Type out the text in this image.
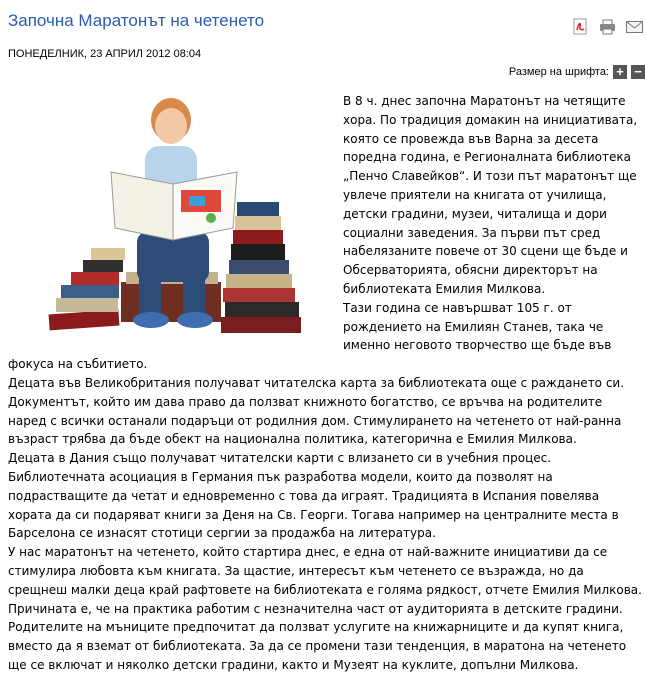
Започна Маратонът на четенето
ПОНЕДЕЛНИК, 23 АПРИЛ 2012 08:04
Размер на шрифта: + −

В 8 ч. днес започна Маратонът на четящите хора. По традиция домакин на инициативата, която се провежда във Варна за десета поредна година, е Регионалната библиотека „Пенчо Славейков“. И този път маратонът ще увлече приятели на книгата от училища, детски градини, музеи, читалища и дори социални заведения. За първи път сред набелязаните повече от 30 сцени ще бъде и Обсерваторията, обясни директорът на библиотеката Емилия Милкова.

Тази година се навършват 105 г. от рождението на Емилиян Станев, така че именно неговото творчество ще бъде във фокуса на събитието.

Децата във Великобритания получават читателска карта за библиотеката още с раждането си. Документът, който им дава право да ползват книжното богатство, се връчва на родителите наред с всички останали подаръци от родилния дом. Стимулирането на четенето от най-ранна възраст трябва да бъде обект на национална политика, категорична е Емилия Милкова.

Децата в Дания също получават читателски карти с влизането си в учебния процес. Библиотечната асоциация в Германия пък разработва модели, които да позволят на подрастващите да четат и едновременно с това да играят. Традицията в Испания повелява хората да си подаряват книги за Деня на Св. Георги. Тогава например на централните места в Барселона се изнасят стотици сергии за продажба на литература.

У нас маратонът на четенето, който стартира днес, е една от най-важните инициативи да се стимулира любовта към книгата. За щастие, интересът към четенето се възражда, но да срещнеш малки деца край рафтовете на библиотеката е голяма рядкост, отчете Емилия Милкова. Причината е, че на практика работим с незначителна част от аудиторията в детските градини. Родителите на мъниците предпочитат да ползват услугите на книжарниците и да купят книга, вместо да я вземат от библиотеката. За да се промени тази тенденция, в маратона на четенето ще се включат и няколко детски градини, както и Музеят на куклите, допълни Милкова.
